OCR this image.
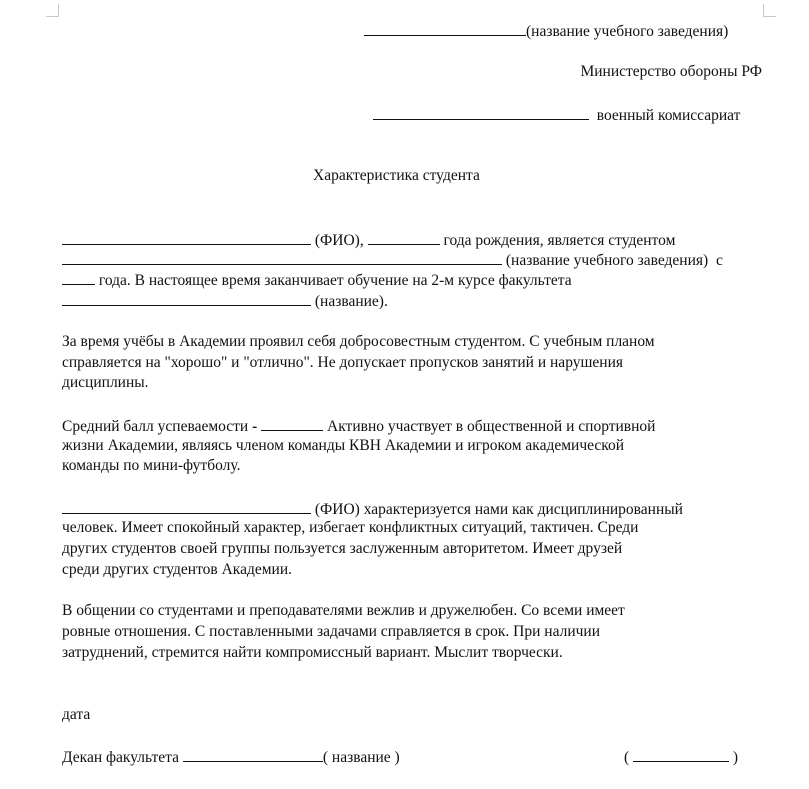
(название учебного заведения)
Министерство обороны РФ
военный комиссариат
Характеристика студента
(ФИО),	года рождения, является студентом
(название учебного заведения) с
года. В настоящее время заканчивает обучение на 2-м курсе факультета
(название).
За время учёбы в Академии проявил себя добросовестным студентом. С учебным планом
справляется на "хорошо" и "отлично". Не допускает пропусков занятий и нарушения
дисциплины.
Средний балл успеваемости -	Активно участвует в общественной и спортивной
жизни Академии, являясь членом команды КВН Академии и игроком академической
команды по мини-футболу.
(ФИО) характеризуется нами как дисциплинированный
человек. Имеет спокойный характер, избегает конфликтных ситуаций, тактичен. Среди
других студентов своей группы пользуется заслуженным авторитетом. Имеет друзей
среди других студентов Академии.
В общении со студентами и преподавателями вежлив и дружелюбен. Со всеми имеет
ровные отношения. С поставленными задачами справляется в срок. При наличии
затруднений, стремится найти компромиссный вариант. Мыслит творчески.
дата
Декан факультета	( название )	(	)
